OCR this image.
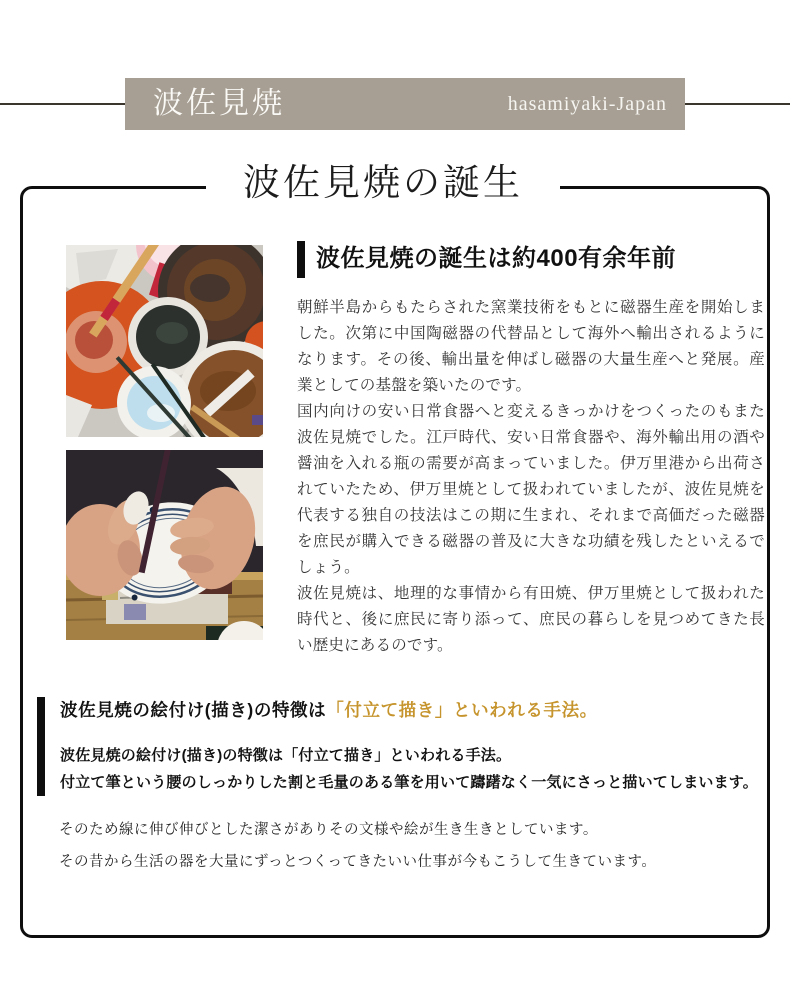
波佐見焼	hasamiyaki-Japan
波佐見焼の誕生
波佐見焼の誕生は約400有余年前

朝鮮半島からもたらされた窯業技術をもとに磁器生産を開始しました。次第に中国陶磁器の代替品として海外へ輸出されるようになります。その後、輸出量を伸ばし磁器の大量生産へと発展。産業としての基盤を築いたのです。

国内向けの安い日常食器へと変えるきっかけをつくったのもまた波佐見焼でした。江戸時代、安い日常食器や、海外輸出用の酒や醤油を入れる瓶の需要が高まっていました。伊万里港から出荷されていたため、伊万里焼として扱われていましたが、波佐見焼を代表する独自の技法はこの期に生まれ、それまで高価だった磁器を庶民が購入できる磁器の普及に大きな功績を残したといえるでしょう。

波佐見焼は、地理的な事情から有田焼、伊万里焼として扱われた時代と、後に庶民に寄り添って、庶民の暮らしを見つめてきた長い歴史にあるのです。

波佐見焼の絵付け(描き)の特徴は「付立て描き」といわれる手法。
波佐見焼の絵付け(描き)の特徴は「付立て描き」といわれる手法。
付立て筆という腰のしっかりした割と毛量のある筆を用いて躊躇なく一気にさっと描いてしまいます。

そのため線に伸び伸びとした潔さがありその文様や絵が生き生きとしています。

その昔から生活の器を大量にずっとつくってきたいい仕事が今もこうして生きています。
